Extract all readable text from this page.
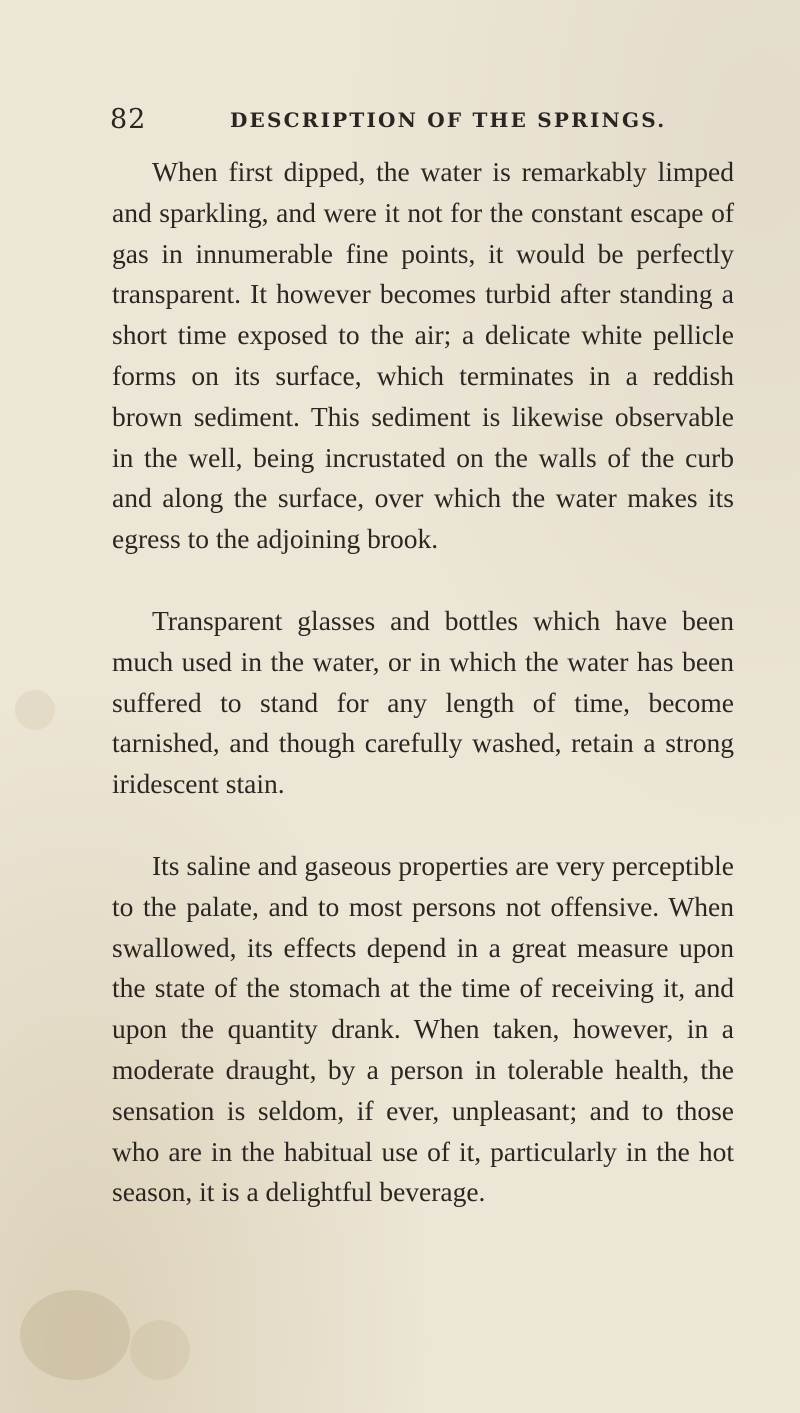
82	DESCRIPTION OF THE SPRINGS.

When first dipped, the water is remarkably limped and sparkling, and were it not for the constant escape of gas in innumerable fine points, it would be perfectly transparent. It however becomes turbid after standing a short time exposed to the air; a delicate white pellicle forms on its surface, which terminates in a reddish brown sediment. This sediment is likewise observable in the well, being incrustated on the walls of the curb and along the surface, over which the water makes its egress to the adjoining brook.

Transparent glasses and bottles which have been much used in the water, or in which the water has been suffered to stand for any length of time, become tarnished, and though carefully washed, retain a strong iridescent stain.

Its saline and gaseous properties are very perceptible to the palate, and to most persons not offensive. When swallowed, its effects depend in a great measure upon the state of the stomach at the time of receiving it, and upon the quantity drank. When taken, however, in a moderate draught, by a person in tolerable health, the sensation is seldom, if ever, unpleasant; and to those who are in the habitual use of it, particularly in the hot season, it is a delightful beverage.
